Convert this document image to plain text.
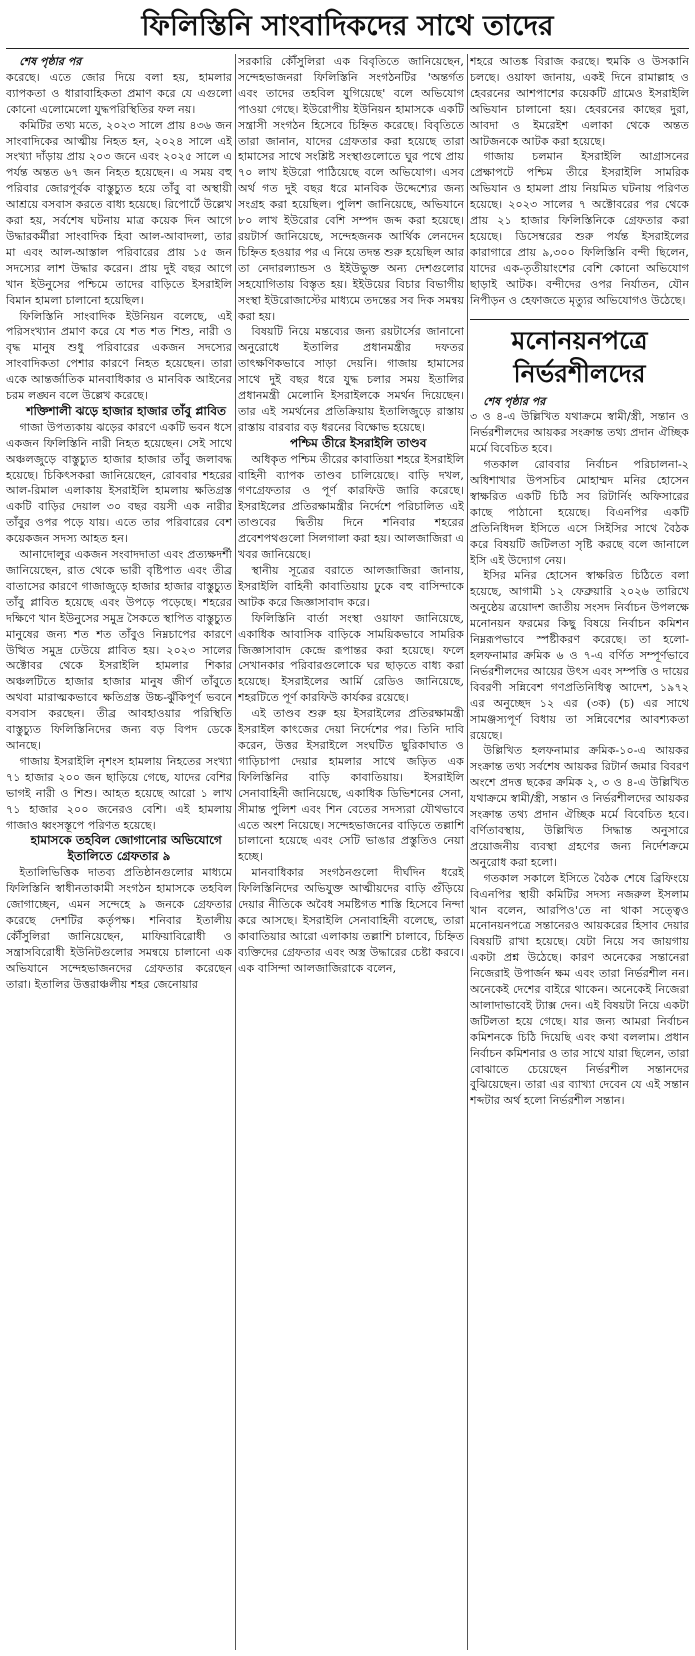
ফিলিস্তিনি সাংবাদিকদের সাথে তাদের

শেষ পৃষ্ঠার পর

করেছে। এতে জোর দিয়ে বলা হয়, হামলার ব্যাপকতা ও ধারাবাহিকতা প্রমাণ করে যে এগুলো কোনো এলোমেলো যুদ্ধপরিস্থিতির ফল নয়।

কমিটির তথ্য মতে, ২০২৩ সালে প্রায় ৪৩৬ জন সাংবাদিকের আত্মীয় নিহত হন, ২০২৪ সালে এই সংখ্যা দাঁড়ায় প্রায় ২০৩ জনে এবং ২০২৫ সালে এ পর্যন্ত অন্তত ৬৭ জন নিহত হয়েছেন। এ সময় বহু পরিবার জোরপূর্বক বাস্তুচ্যুত হয়ে তাঁবু বা অস্থায়ী আশ্রয়ে বসবাস করতে বাধ্য হয়েছে। রিপোর্টে উল্লেখ করা হয়, সর্বশেষ ঘটনায় মাত্র কয়েক দিন আগে উদ্ধারকর্মীরা সাংবাদিক হিবা আল-আবাদলা, তার মা এবং আল-আস্তাল পরিবারের প্রায় ১৫ জন সদস্যের লাশ উদ্ধার করেন। প্রায় দুই বছর আগে খান ইউনুসের পশ্চিমে তাদের বাড়িতে ইসরাইলি বিমান হামলা চালানো হয়েছিল।

ফিলিস্তিনি সাংবাদিক ইউনিয়ন বলেছে, এই পরিসংখ্যান প্রমাণ করে যে শত শত শিশু, নারী ও বৃদ্ধ মানুষ শুধু পরিবারের একজন সদস্যের সাংবাদিকতা পেশার কারণে নিহত হয়েছেন। তারা একে আন্তর্জাতিক মানবাধিকার ও মানবিক আইনের চরম লঙ্ঘন বলে উল্লেখ করেছে।

শক্তিশালী ঝড়ে হাজার হাজার তাঁবু প্লাবিত

গাজা উপত্যকায় ঝড়ের কারণে একটি ভবন ধসে একজন ফিলিস্তিনি নারী নিহত হয়েছেন। সেই সাথে অঞ্চলজুড়ে বাস্তুচ্যুত হাজার হাজার তাঁবু জলাবদ্ধ হয়েছে। চিকিৎসকরা জানিয়েছেন, রোববার শহরের আল-রিমাল এলাকায় ইসরাইলি হামলায় ক্ষতিগ্রস্ত একটি বাড়ির দেয়াল ৩০ বছর বয়সী এক নারীর তাঁবুর ওপর পড়ে যায়। এতে তার পরিবারের বেশ কয়েকজন সদস্য আহত হন।

আনাদোলুর একজন সংবাদদাতা এবং প্রত্যক্ষদর্শী জানিয়েছেন, রাত থেকে ভারী বৃষ্টিপাত এবং তীব্র বাতাসের কারণে গাজাজুড়ে হাজার হাজার বাস্তুচ্যুত তাঁবু প্লাবিত হয়েছে এবং উপড়ে পড়েছে। শহরের দক্ষিণে খান ইউনুসের সমুদ্র সৈকতে স্থাপিত বাস্তুচ্যুত মানুষের জন্য শত শত তাঁবুও নিম্নচাপের কারণে উত্থিত সমুদ্র ঢেউয়ে প্লাবিত হয়। ২০২৩ সালের অক্টোবর থেকে ইসরাইলি হামলার শিকার অঞ্চলটিতে হাজার হাজার মানুষ জীর্ণ তাঁবুতে অথবা মারাত্মকভাবে ক্ষতিগ্রস্ত উচ্চ-ঝুঁকিপূর্ণ ভবনে বসবাস করছেন। তীব্র আবহাওয়ার পরিস্থিতি বাস্তুচ্যুত ফিলিস্তিনিদের জন্য বড় বিপদ ডেকে আনছে।

গাজায় ইসরাইলি নৃশংস হামলায় নিহতের সংখ্যা ৭১ হাজার ২০০ জন ছাড়িয়ে গেছে, যাদের বেশির ভাগই নারী ও শিশু। আহত হয়েছে আরো ১ লাখ ৭১ হাজার ২০০ জনেরও বেশি। এই হামলায় গাজাও ধ্বংসস্তূপে পরিণত হয়েছে।

হামাসকে তহবিল জোগানোর অভিযোগে ইতালিতে গ্রেফতার ৯

ইতালিভিত্তিক দাতব্য প্রতিষ্ঠানগুলোর মাধ্যমে ফিলিস্তিনি স্বাধীনতাকামী সংগঠন হামাসকে তহবিল জোগাচ্ছেন, এমন সন্দেহে ৯ জনকে গ্রেফতার করেছে দেশটির কর্তৃপক্ষ। শনিবার ইতালীয় কৌঁসুলিরা জানিয়েছেন, মাফিয়াবিরোধী ও সন্ত্রাসবিরোধী ইউনিটগুলোর সমন্বয়ে চালানো এক অভিযানে সন্দেহভাজনদের গ্রেফতার করেছেন তারা। ইতালির উত্তরাঞ্চলীয় শহর জেনোয়ার

সরকারি কৌঁসুলিরা এক বিবৃতিতে জানিয়েছেন, সন্দেহভাজনরা ফিলিস্তিনি সংগঠনটির 'অন্তর্গত এবং তাদের তহবিল যুগিয়েছে' বলে অভিযোগ পাওয়া গেছে। ইউরোপীয় ইউনিয়ন হামাসকে একটি সন্ত্রাসী সংগঠন হিসেবে চিহ্নিত করেছে। বিবৃতিতে তারা জানান, যাদের গ্রেফতার করা হয়েছে তারা হামাসের সাথে সংশ্লিষ্ট সংস্থাগুলোতে ঘুর পথে প্রায় ৭০ লাখ ইউরো পাঠিয়েছে বলে অভিযোগ। এসব অর্থ গত দুই বছর ধরে মানবিক উদ্দেশ্যের জন্য সংগ্রহ করা হয়েছিল। পুলিশ জানিয়েছে, অভিযানে ৮০ লাখ ইউরোর বেশি সম্পদ জব্দ করা হয়েছে। রয়টার্স জানিয়েছে, সন্দেহজনক আর্থিক লেনদেন চিহ্নিত হওয়ার পর এ নিয়ে তদন্ত শুরু হয়েছিল আর তা নেদারল্যান্ডস ও ইইউভুক্ত অন্য দেশগুলোর সহযোগিতায় বিস্তৃত হয়। ইইউয়ের বিচার বিভাগীয় সংস্থা ইউরোজাস্টের মাধ্যমে তদন্তের সব দিক সমন্বয় করা হয়।

বিষয়টি নিয়ে মন্তব্যের জন্য রয়টার্সের জানানো অনুরোধে ইতালির প্রধানমন্ত্রীর দফতর তাৎক্ষণিকভাবে সাড়া দেয়নি। গাজায় হামাসের সাথে দুই বছর ধরে যুদ্ধ চলার সময় ইতালির প্রধানমন্ত্রী মেলোনি ইসরাইলকে সমর্থন দিয়েছেন। তার এই সমর্থনের প্রতিক্রিয়ায় ইতালিজুড়ে রাস্তায় রাস্তায় বারবার বড় ধরনের বিক্ষোভ হয়েছে।

পশ্চিম তীরে ইসরাইলি তাণ্ডব

অধিকৃত পশ্চিম তীরের কাবাতিয়া শহরে ইসরাইলি বাহিনী ব্যাপক তাণ্ডব চালিয়েছে। বাড়ি দখল, গণগ্রেফতার ও পূর্ণ কারফিউ জারি করেছে। ইসরাইলের প্রতিরক্ষামন্ত্রীর নির্দেশে পরিচালিত এই তাণ্ডবের দ্বিতীয় দিনে শনিবার শহরের প্রবেশপথগুলো সিলগালা করা হয়। আলজাজিরা এ খবর জানিয়েছে।

স্থানীয় সূত্রের বরাতে আলজাজিরা জানায়, ইসরাইলি বাহিনী কাবাতিয়ায় ঢুকে বহু বাসিন্দাকে আটক করে জিজ্ঞাসাবাদ করে।

ফিলিস্তিনি বার্তা সংস্থা ওয়াফা জানিয়েছে, একাধিক আবাসিক বাড়িকে সাময়িকভাবে সামরিক জিজ্ঞাসাবাদ কেন্দ্রে রূপান্তর করা হয়েছে। ফলে সেখানকার পরিবারগুলোকে ঘর ছাড়তে বাধ্য করা হয়েছে। ইসরাইলের আর্মি রেডিও জানিয়েছে, শহরটিতে পূর্ণ কারফিউ কার্যকর রয়েছে।

এই তাণ্ডব শুরু হয় ইসরাইলের প্রতিরক্ষামন্ত্রী ইসরাইল কাৎজের দেয়া নির্দেশের পর। তিনি দাবি করেন, উত্তর ইসরাইলে সংঘটিত ছুরিকাঘাত ও গাড়িচাপা দেয়ার হামলার সাথে জড়িত এক ফিলিস্তিনির বাড়ি কাবাতিয়ায়। ইসরাইলি সেনাবাহিনী জানিয়েছে, একাধিক ডিভিশনের সেনা, সীমান্ত পুলিশ এবং শিন বেতের সদস্যরা যৌথভাবে এতে অংশ নিয়েছে। সন্দেহভাজনের বাড়িতে তল্লাশি চালানো হয়েছে এবং সেটি ভাঙার প্রস্তুতিও নেয়া হচ্ছে।

মানবাধিকার সংগঠনগুলো দীর্ঘদিন ধরেই ফিলিস্তিনিদের অভিযুক্ত আত্মীয়দের বাড়ি গুঁড়িয়ে দেয়ার নীতিকে অবৈধ সমষ্টিগত শাস্তি হিসেবে নিন্দা করে আসছে। ইসরাইলি সেনাবাহিনী বলেছে, তারা কাবাতিয়ার আরো এলাকায় তল্লাশি চালাবে, চিহ্নিত ব্যক্তিদের গ্রেফতার এবং অস্ত্র উদ্ধারের চেষ্টা করবে। এক বাসিন্দা আলজাজিরাকে বলেন,

শহরে আতঙ্ক বিরাজ করছে। হুমকি ও উসকানি চলছে। ওয়াফা জানায়, একই দিনে রামাল্লাহ ও হেবরনের আশপাশের কয়েকটি গ্রামেও ইসরাইলি অভিযান চালানো হয়। হেবরনের কাছের দুরা, আবদা ও ইমরেইশ এলাকা থেকে অন্তত আটজনকে আটক করা হয়েছে।

গাজায় চলমান ইসরাইলি আগ্রাসনের প্রেক্ষাপটে পশ্চিম তীরে ইসরাইলি সামরিক অভিযান ও হামলা প্রায় নিয়মিত ঘটনায় পরিণত হয়েছে। ২০২৩ সালের ৭ অক্টোবরের পর থেকে প্রায় ২১ হাজার ফিলিস্তিনিকে গ্রেফতার করা হয়েছে। ডিসেম্বরের শুরু পর্যন্ত ইসরাইলের কারাগারে প্রায় ৯,৩০০ ফিলিস্তিনি বন্দী ছিলেন, যাদের এক-তৃতীয়াংশের বেশি কোনো অভিযোগ ছাড়াই আটক। বন্দীদের ওপর নির্যাতন, যৌন নিপীড়ন ও হেফাজতে মৃত্যুর অভিযোগও উঠেছে।

মনোনয়নপত্রে নির্ভরশীলদের

শেষ পৃষ্ঠার পর

৩ ও ৪-এ উল্লিখিত যথাক্রমে স্বামী/স্ত্রী, সন্তান ও নির্ভরশীলদের আয়কর সংক্রান্ত তথ্য প্রদান ঐচ্ছিক মর্মে বিবেচিত হবে।

গতকাল রোববার নির্বাচন পরিচালনা-২ অধিশাখার উপসচিব মোহাম্মদ মনির হোসেন স্বাক্ষরিত একটি চিঠি সব রিটার্নিং অফিসারের কাছে পাঠানো হয়েছে। বিএনপির একটি প্রতিনিধিদল ইসিতে এসে সিইসির সাথে বৈঠক করে বিষয়টি জটিলতা সৃষ্টি করছে বলে জানালে ইসি এই উদ্যোগ নেয়।

ইসির মনির হোসেন স্বাক্ষরিত চিঠিতে বলা হয়েছে, আগামী ১২ ফেব্রুয়ারি ২০২৬ তারিখে অনুষ্ঠেয় ত্রয়োদশ জাতীয় সংসদ নির্বাচন উপলক্ষে মনোনয়ন ফরমের কিছু বিষয়ে নির্বাচন কমিশন নিম্নরূপভাবে স্পষ্টীকরণ করেছে। তা হলো- হলফনামার ক্রমিক ৬ ও ৭-এ বর্ণিত সম্পূর্ণভাবে নির্ভরশীলদের আয়ের উৎস এবং সম্পত্তি ও দায়ের বিবরণী সন্নিবেশ গণপ্রতিনিধিত্ব আদেশ, ১৯৭২ এর অনুচ্ছেদ ১২ এর (৩ক) (চ) এর সাথে সামঞ্জস্যপূর্ণ বিধায় তা সন্নিবেশের আবশ্যকতা রয়েছে।

উল্লিখিত হলফনামার ক্রমিক-১০-এ আয়কর সংক্রান্ত তথ্য সর্বশেষ আয়কর রিটার্ন জমার বিবরণ অংশে প্রদত্ত ছকের ক্রমিক ২, ৩ ও ৪-এ উল্লিখিত যথাক্রমে স্বামী/স্ত্রী, সন্তান ও নির্ভরশীলদের আয়কর সংক্রান্ত তথ্য প্রদান ঐচ্ছিক মর্মে বিবেচিত হবে। বর্ণিতাবস্থায়, উল্লিখিত সিদ্ধান্ত অনুসারে প্রয়োজনীয় ব্যবস্থা গ্রহণের জন্য নির্দেশক্রমে অনুরোধ করা হলো।

গতকাল সকালে ইসিতে বৈঠক শেষে ব্রিফিংয়ে বিএনপির স্থায়ী কমিটির সদস্য নজরুল ইসলাম খান বলেন, আরপিও'তে না থাকা সত্ত্বেও মনোনয়নপত্রে সন্তানেরও আয়করের হিসাব দেয়ার বিষয়টি রাখা হয়েছে। যেটা নিয়ে সব জায়গায় একটা প্রশ্ন উঠেছে। কারণ অনেকের সন্তানেরা নিজেরাই উপার্জন ক্ষম এবং তারা নির্ভরশীল নন। অনেকেই দেশের বাইরে থাকেন। অনেকেই নিজেরা আলাদাভাবেই ট্যাক্স দেন। এই বিষয়টা নিয়ে একটা জটিলতা হয়ে গেছে। যার জন্য আমরা নির্বাচন কমিশনকে চিঠি দিয়েছি এবং কথা বললাম। প্রধান নির্বাচন কমিশনার ও তার সাথে যারা ছিলেন, তারা বোঝাতে চেয়েছেন নির্ভরশীল সন্তানদের বুঝিয়েছেন। তারা এর ব্যাখ্যা দেবেন যে এই সন্তান শব্দটার অর্থ হলো নির্ভরশীল সন্তান।
